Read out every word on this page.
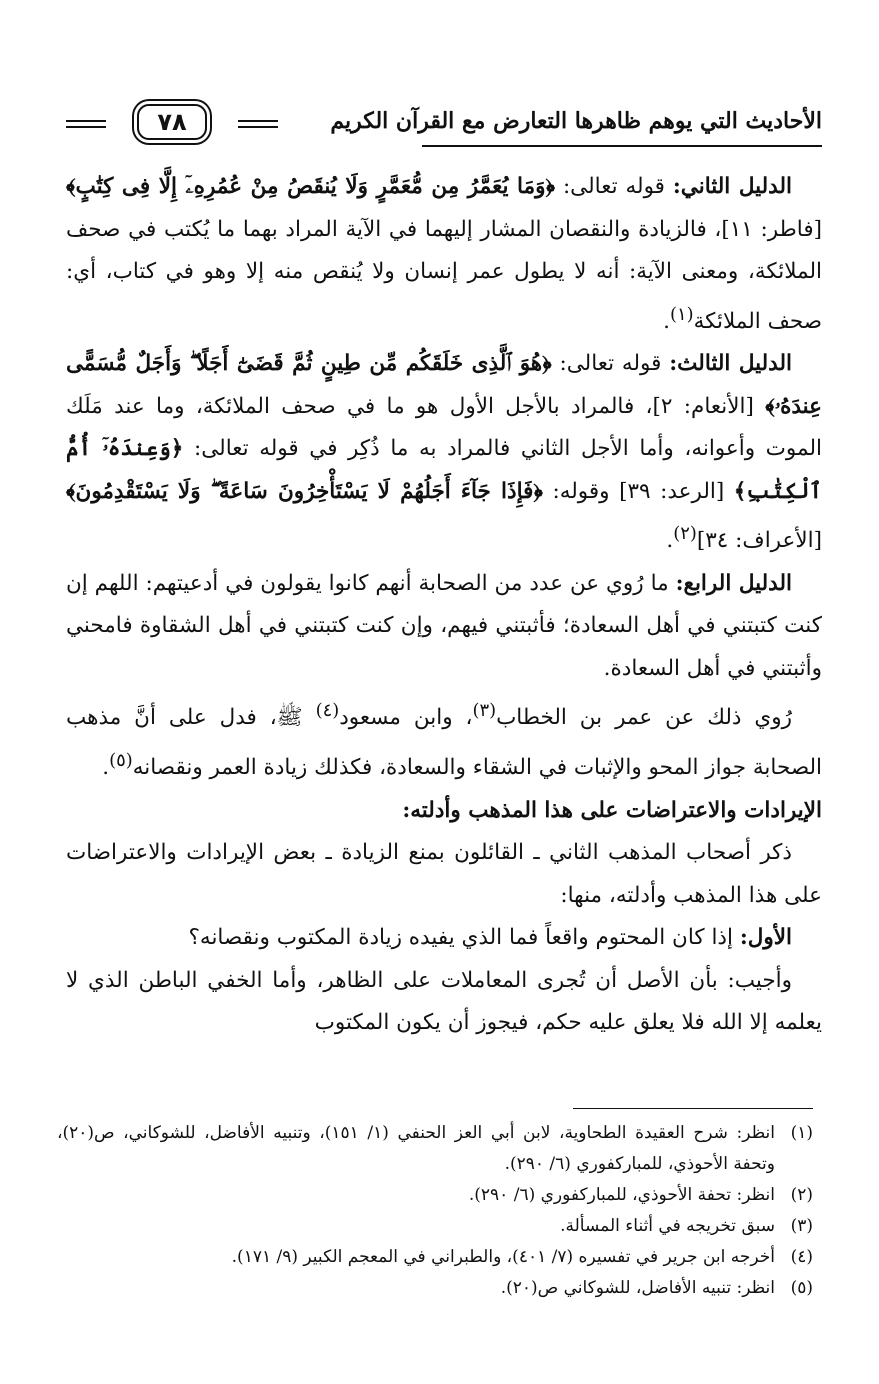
الأحاديث التي يوهم ظاهرها التعارض مع القرآن الكريم
٧٨

الدليل الثاني: قوله تعالى: ﴿وَمَا يُعَمَّرُ مِن مُّعَمَّرٍ وَلَا يُنقَصُ مِنْ عُمُرِهِۦٓ إِلَّا فِى كِتَٰبٍ﴾ [فاطر: ١١]، فالزيادة والنقصان المشار إليهما في الآية المراد بهما ما يُكتب في صحف الملائكة، ومعنى الآية: أنه لا يطول عمر إنسان ولا يُنقص منه إلا وهو في كتاب، أي: صحف الملائكة$^{(١)}$.

الدليل الثالث: قوله تعالى: ﴿هُوَ ٱلَّذِى خَلَقَكُم مِّن طِينٍ ثُمَّ قَضَىٰٓ أَجَلًا ۖ وَأَجَلٌ مُّسَمًّى عِندَهُۥ﴾ [الأنعام: ٢]، فالمراد بالأجل الأول هو ما في صحف الملائكة، وما عند مَلَك الموت وأعوانه، وأما الأجل الثاني فالمراد به ما ذُكِر في قوله تعالى: ﴿وَعِندَهُۥٓ أُمُّ ٱلْكِتَٰبِ﴾ [الرعد: ٣٩] وقوله: ﴿فَإِذَا جَآءَ أَجَلُهُمْ لَا يَسْتَأْخِرُونَ سَاعَةً ۖ وَلَا يَسْتَقْدِمُونَ﴾ [الأعراف: ٣٤]$^{(٢)}$.

الدليل الرابع: ما رُوي عن عدد من الصحابة أنهم كانوا يقولون في أدعيتهم: اللهم إن كنت كتبتني في أهل السعادة؛ فأثبتني فيهم، وإن كنت كتبتني في أهل الشقاوة فامحني وأثبتني في أهل السعادة.

رُوي ذلك عن عمر بن الخطاب$^{(٣)}$، وابن مسعود$^{(٤)}$ ﷺ، فدل على أنَّ مذهب الصحابة جواز المحو والإثبات في الشقاء والسعادة، فكذلك زيادة العمر ونقصانه$^{(٥)}$.

الإيرادات والاعتراضات على هذا المذهب وأدلته:

ذكر أصحاب المذهب الثاني ـ القائلون بمنع الزيادة ـ بعض الإيرادات والاعتراضات على هذا المذهب وأدلته، منها:

الأول: إذا كان المحتوم واقعاً فما الذي يفيده زيادة المكتوب ونقصانه؟

وأجيب: بأن الأصل أن تُجرى المعاملات على الظاهر، وأما الخفي الباطن الذي لا يعلمه إلا الله فلا يعلق عليه حكم، فيجوز أن يكون المكتوب

(١)
انظر: شرح العقيدة الطحاوية، لابن أبي العز الحنفي (١/ ١٥١)، وتنبيه الأفاضل، للشوكاني، ص(٢٠)، وتحفة الأحوذي، للمباركفوري (٦/ ٢٩٠).
(٢)
انظر: تحفة الأحوذي، للمباركفوري (٦/ ٢٩٠).
(٣)
سبق تخريجه في أثناء المسألة.
(٤)
أخرجه ابن جرير في تفسيره (٧/ ٤٠١)، والطبراني في المعجم الكبير (٩/ ١٧١).
(٥)
انظر: تنبيه الأفاضل، للشوكاني ص(٢٠).
